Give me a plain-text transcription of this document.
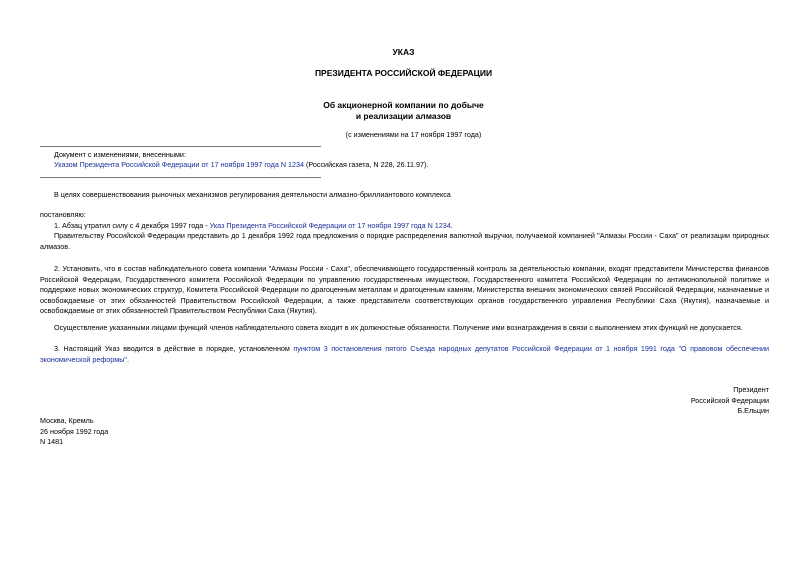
УКАЗ
ПРЕЗИДЕНТА РОССИЙСКОЙ ФЕДЕРАЦИИ
Об акционерной компании по добыче
и реализации алмазов
(с изменениями на 17 ноября 1997 года)
Документ с изменениями, внесенными:
Указом Президента Российской Федерации от 17 ноября 1997 года N 1234 (Российская газета, N 228, 26.11.97).
В целях совершенствования рыночных механизмов регулирования деятельности алмазно-бриллиантового комплекса
постановляю:
1. Абзац утратил силу с 4 декабря 1997 года - Указ Президента Российской Федерации от 17 ноября 1997 года N 1234.
Правительству Российской Федерации представить до 1 декабря 1992 года предложения о порядке распределения валютной выручки, получаемой компанией "Алмазы России - Саха" от реализации природных алмазов.
2. Установить, что в состав наблюдательного совета компании "Алмазы России - Саха", обеспечивающего государственный контроль за деятельностью компании, входят представители Министерства финансов Российской Федерации, Государственного комитета Российской Федерации по управлению государственным имуществом, Государственного комитета Российской Федерации по антимонопольной политике и поддержке новых экономических структур, Комитета Российской Федерации по драгоценным металлам и драгоценным камням, Министерства внешних экономических связей Российской Федерации, назначаемые и освобождаемые от этих обязанностей Правительством Российской Федерации, а также представители соответствующих органов государственного управления Республики Саха (Якутия), назначаемые и освобождаемые от этих обязанностей Правительством Республики Саха (Якутия).
Осуществление указанными лицами функций членов наблюдательного совета входит в их должностные обязанности. Получение ими вознаграждения в связи с выполнением этих функций не допускается.
3. Настоящий Указ вводится в действие в порядке, установленном пунктом 3 постановления пятого Съезда народных депутатов Российской Федерации от 1 ноября 1991 года "О правовом обеспечении экономической реформы".
Президент
Российской Федерации
Б.Ельцин
Москва, Кремль
26 ноября 1992 года
N 1481
